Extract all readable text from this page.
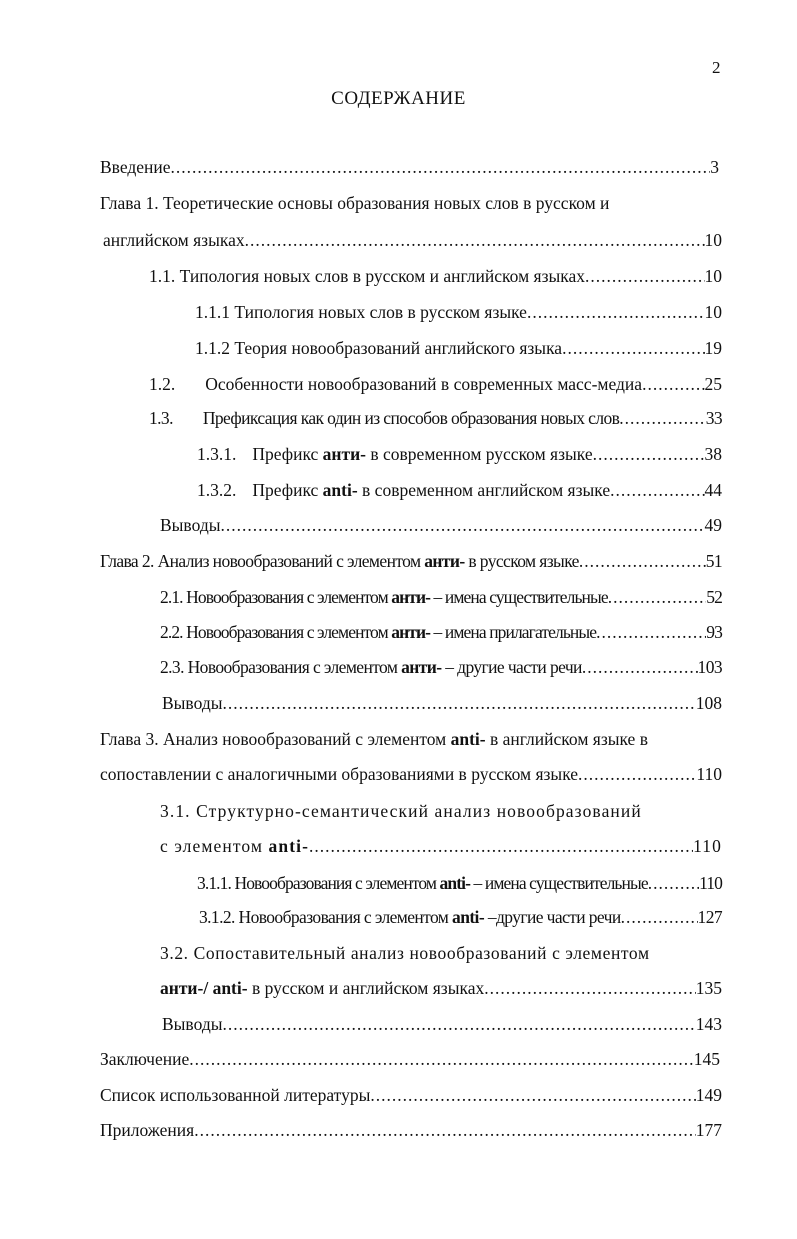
2
СОДЕРЖАНИЕ
Введение .....	3
Глава 1. Теоретические основы образования новых слов в русском и
английском языках .....	10
1.1. Типология новых слов в русском и английском языках .....	10
1.1.1 Типология новых слов в русском языке .....	10
1.1.2 Теория новообразований английского языка .....	19
1.2. Особенности новообразований в современных масс-медиа .....	25
1.3. Префиксация как один из способов образования новых слов .....	33
1.3.1. Префикс анти- в современном русском языке .....	38
1.3.2. Префикс anti- в современном английском языке .....	44
Выводы .....	49
Глава 2. Анализ новообразований с элементом анти- в русском языке .....	51
2.1. Новообразования с элементом анти- – имена существительные .....	52
2.2. Новообразования с элементом анти- – имена прилагательные .....	93
2.3. Новообразования с элементом анти- – другие части речи .....	103
Выводы .....	108
Глава 3. Анализ новообразований с элементом anti- в английском языке в
сопоставлении с аналогичными образованиями в русском языке .....	110
3.1. Структурно-семантический анализ новообразований
с элементом anti- .....	110
3.1.1. Новообразования с элементом anti- – имена существительные .....	110
3.1.2. Новообразования с элементом anti- –другие части речи .....	127
3.2. Сопоставительный анализ новообразований с элементом
анти-/ anti- в русском и английском языках .....	135
Выводы .....	143
Заключение .....	145
Список использованной литературы .....	149
Приложения .....	177
